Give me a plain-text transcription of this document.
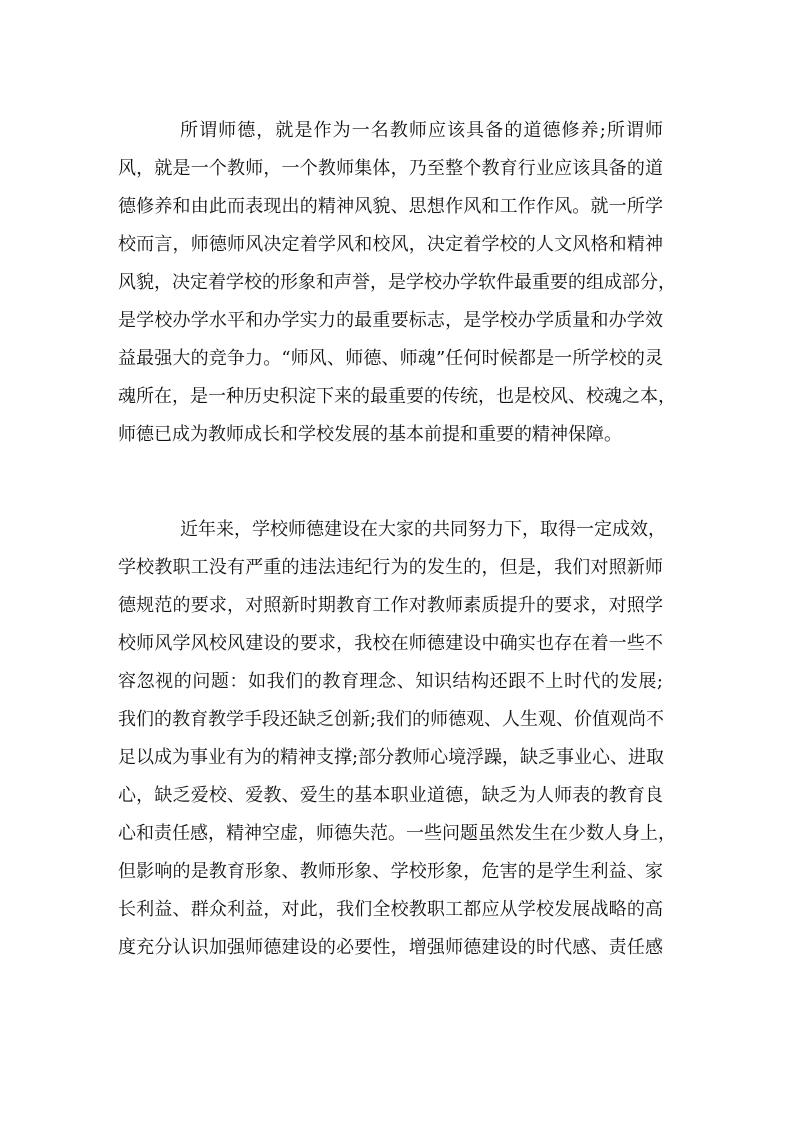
所谓师德，就是作为一名教师应该具备的道德修养;所谓师
风，就是一个教师，一个教师集体，乃至整个教育行业应该具备的道
德修养和由此而表现出的精神风貌、思想作风和工作作风。就一所学
校而言，师德师风决定着学风和校风，决定着学校的人文风格和精神
风貌，决定着学校的形象和声誉，是学校办学软件最重要的组成部分，
是学校办学水平和办学实力的最重要标志，是学校办学质量和办学效
益最强大的竞争力。“师风、师德、师魂”任何时候都是一所学校的灵
魂所在，是一种历史积淀下来的最重要的传统，也是校风、校魂之本，
师德已成为教师成长和学校发展的基本前提和重要的精神保障。
近年来，学校师德建设在大家的共同努力下，取得一定成效，
学校教职工没有严重的违法违纪行为的发生的，但是，我们对照新师
德规范的要求，对照新时期教育工作对教师素质提升的要求，对照学
校师风学风校风建设的要求，我校在师德建设中确实也存在着一些不
容忽视的问题：如我们的教育理念、知识结构还跟不上时代的发展;
我们的教育教学手段还缺乏创新;我们的师德观、人生观、价值观尚不
足以成为事业有为的精神支撑;部分教师心境浮躁，缺乏事业心、进取
心，缺乏爱校、爱教、爱生的基本职业道德，缺乏为人师表的教育良
心和责任感，精神空虚，师德失范。一些问题虽然发生在少数人身上，
但影响的是教育形象、教师形象、学校形象，危害的是学生利益、家
长利益、群众利益，对此，我们全校教职工都应从学校发展战略的高
度充分认识加强师德建设的必要性，增强师德建设的时代感、责任感
